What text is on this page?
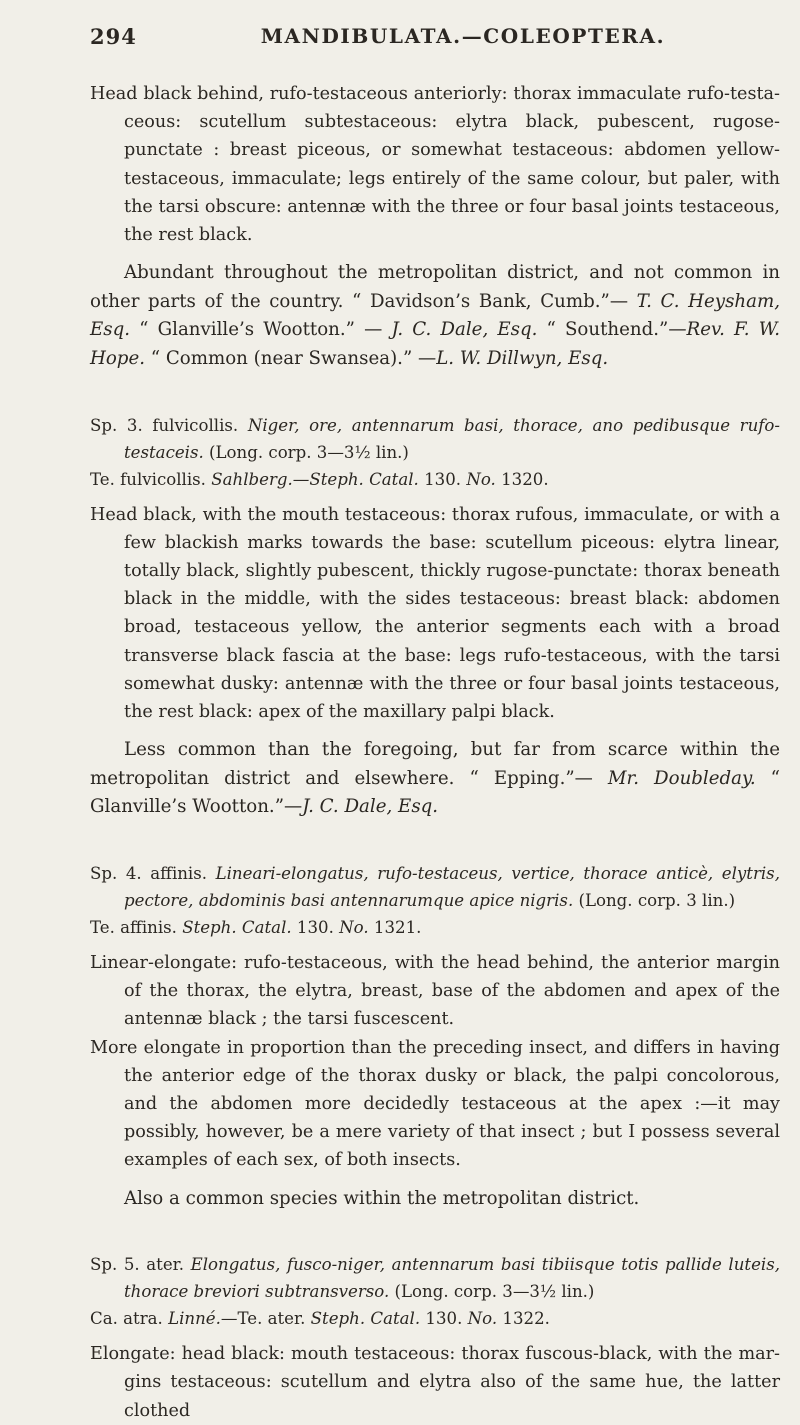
294	MANDIBULATA.—COLEOPTERA.

Head black behind, rufo-testaceous anteriorly: thorax immaculate rufo-testaceous: scutellum subtestaceous: elytra black, pubescent, rugose-punctate : breast piceous, or somewhat testaceous: abdomen yellow-testaceous, immaculate; legs entirely of the same colour, but paler, with the tarsi obscure: antennæ with the three or four basal joints testaceous, the rest black.

Abundant throughout the metropolitan district, and not common in other parts of the country. “ Davidson’s Bank, Cumb.”— T. C. Heysham, Esq. “ Glanville’s Wootton.” — J. C. Dale, Esq. “ Southend.”—Rev. F. W. Hope. “ Common (near Swansea).” —L. W. Dillwyn, Esq.

Sp. 3. fulvicollis. Niger, ore, antennarum basi, thorace, ano pedibusque rufotestaceis. (Long. corp. 3—3½ lin.)

Te. fulvicollis. Sahlberg.—Steph. Catal. 130. No. 1320.

Head black, with the mouth testaceous: thorax rufous, immaculate, or with a few blackish marks towards the base: scutellum piceous: elytra linear, totally black, slightly pubescent, thickly rugose-punctate: thorax beneath black in the middle, with the sides testaceous: breast black: abdomen broad, testaceous yellow, the anterior segments each with a broad transverse black fascia at the base: legs rufo-testaceous, with the tarsi somewhat dusky: antennæ with the three or four basal joints testaceous, the rest black: apex of the maxillary palpi black.

Less common than the foregoing, but far from scarce within the metropolitan district and elsewhere. “ Epping.”— Mr. Doubleday. “ Glanville’s Wootton.”—J. C. Dale, Esq.

Sp. 4. affinis. Lineari-elongatus, rufo-testaceus, vertice, thorace anticè, elytris, pectore, abdominis basi antennarumque apice nigris. (Long. corp. 3 lin.)

Te. affinis. Steph. Catal. 130. No. 1321.

Linear-elongate: rufo-testaceous, with the head behind, the anterior margin of the thorax, the elytra, breast, base of the abdomen and apex of the antennæ black ; the tarsi fuscescent.

More elongate in proportion than the preceding insect, and differs in having the anterior edge of the thorax dusky or black, the palpi concolorous, and the abdomen more decidedly testaceous at the apex :—it may possibly, however, be a mere variety of that insect ; but I possess several examples of each sex, of both insects.

Also a common species within the metropolitan district.

Sp. 5. ater. Elongatus, fusco-niger, antennarum basi tibiisque totis pallide luteis, thorace breviori subtransverso. (Long. corp. 3—3½ lin.)

Ca. atra. Linné.—Te. ater. Steph. Catal. 130. No. 1322.

Elongate: head black: mouth testaceous: thorax fuscous-black, with the margins testaceous: scutellum and elytra also of the same hue, the latter clothed
